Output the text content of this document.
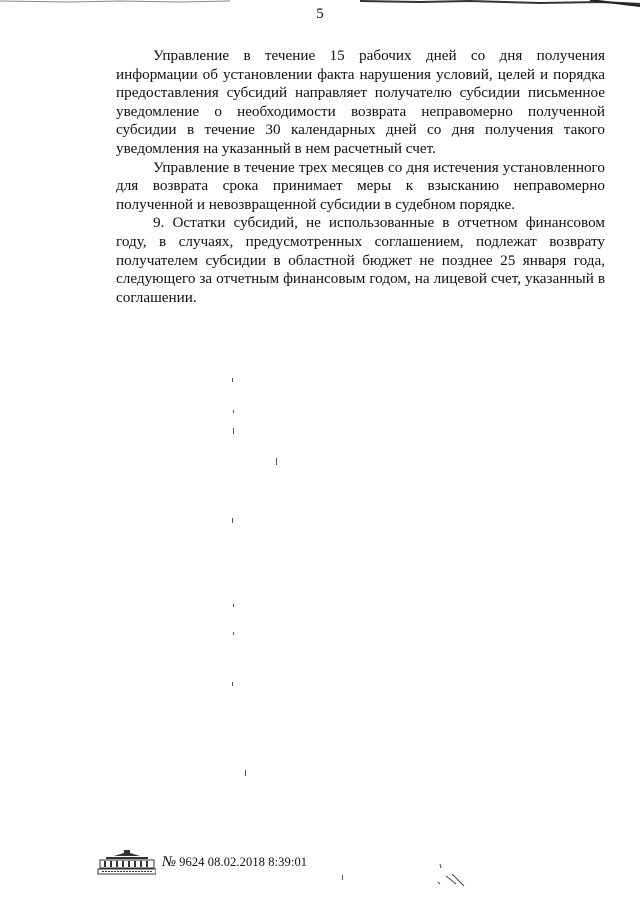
5

Управление в течение 15 рабочих дней со дня получения информации об установлении факта нарушения условий, целей и порядка предоставления субсидий направляет получателю субсидии письменное уведомление о необходимости возврата неправомерно полученной субсидии в течение 30 календарных дней со дня получения такого уведомления на указанный в нем расчетный счет.

Управление в течение трех месяцев со дня истечения установленного для возврата срока принимает меры к взысканию неправомерно полученной и невозвращенной субсидии в судебном порядке.

9. Остатки субсидий, не использованные в отчетном финансовом году, в случаях, предусмотренных соглашением, подлежат возврату получателем субсидии в областной бюджет не позднее 25 января года, следующего за отчетным финансовым годом, на лицевой счет, указанный в соглашении.

№ 9624 08.02.2018 8:39:01
